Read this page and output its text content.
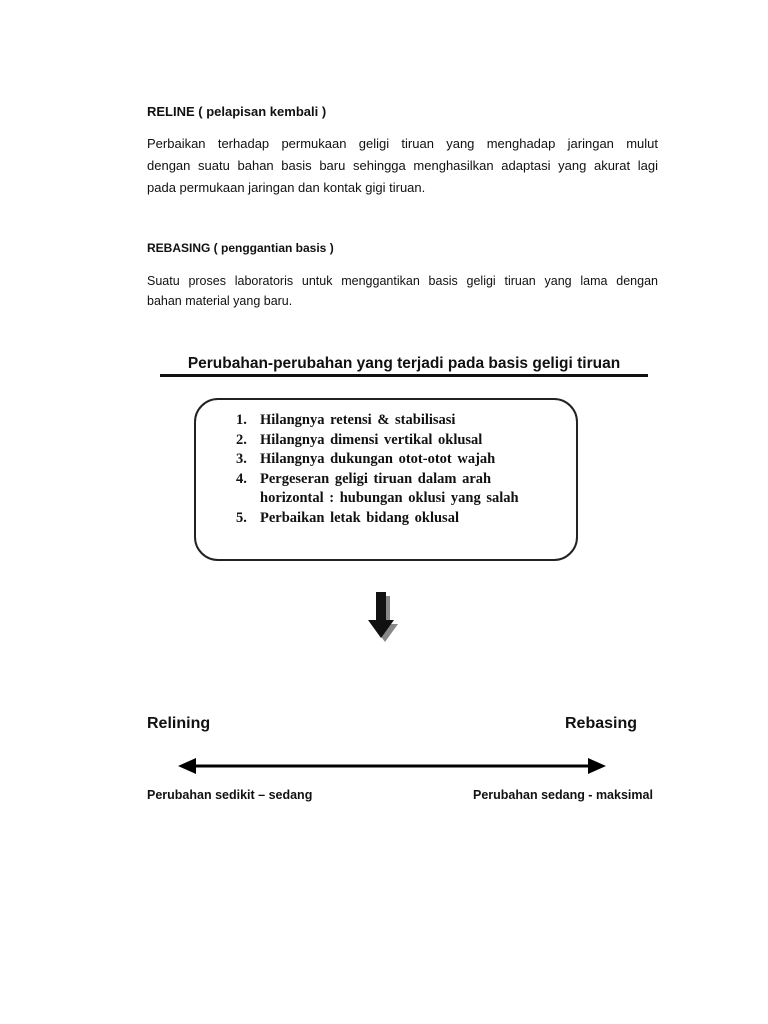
RELINE ( pelapisan kembali )
Perbaikan terhadap permukaan geligi tiruan yang menghadap jaringan mulut
dengan suatu bahan basis baru sehingga menghasilkan adaptasi yang akurat lagi
pada permukaan jaringan dan kontak gigi tiruan.
REBASING ( penggantian basis )
Suatu proses laboratoris untuk menggantikan basis geligi tiruan yang lama dengan
bahan material yang baru.
Perubahan-perubahan yang terjadi pada basis geligi tiruan
1. Hilangnya retensi & stabilisasi
2. Hilangnya dimensi vertikal oklusal
3. Hilangnya dukungan otot-otot wajah
4. Pergeseran geligi tiruan dalam arah
horizontal : hubungan oklusi yang salah
5. Perbaikan letak bidang oklusal
Relining	Rebasing
Perubahan sedikit – sedang	Perubahan sedang - maksimal
